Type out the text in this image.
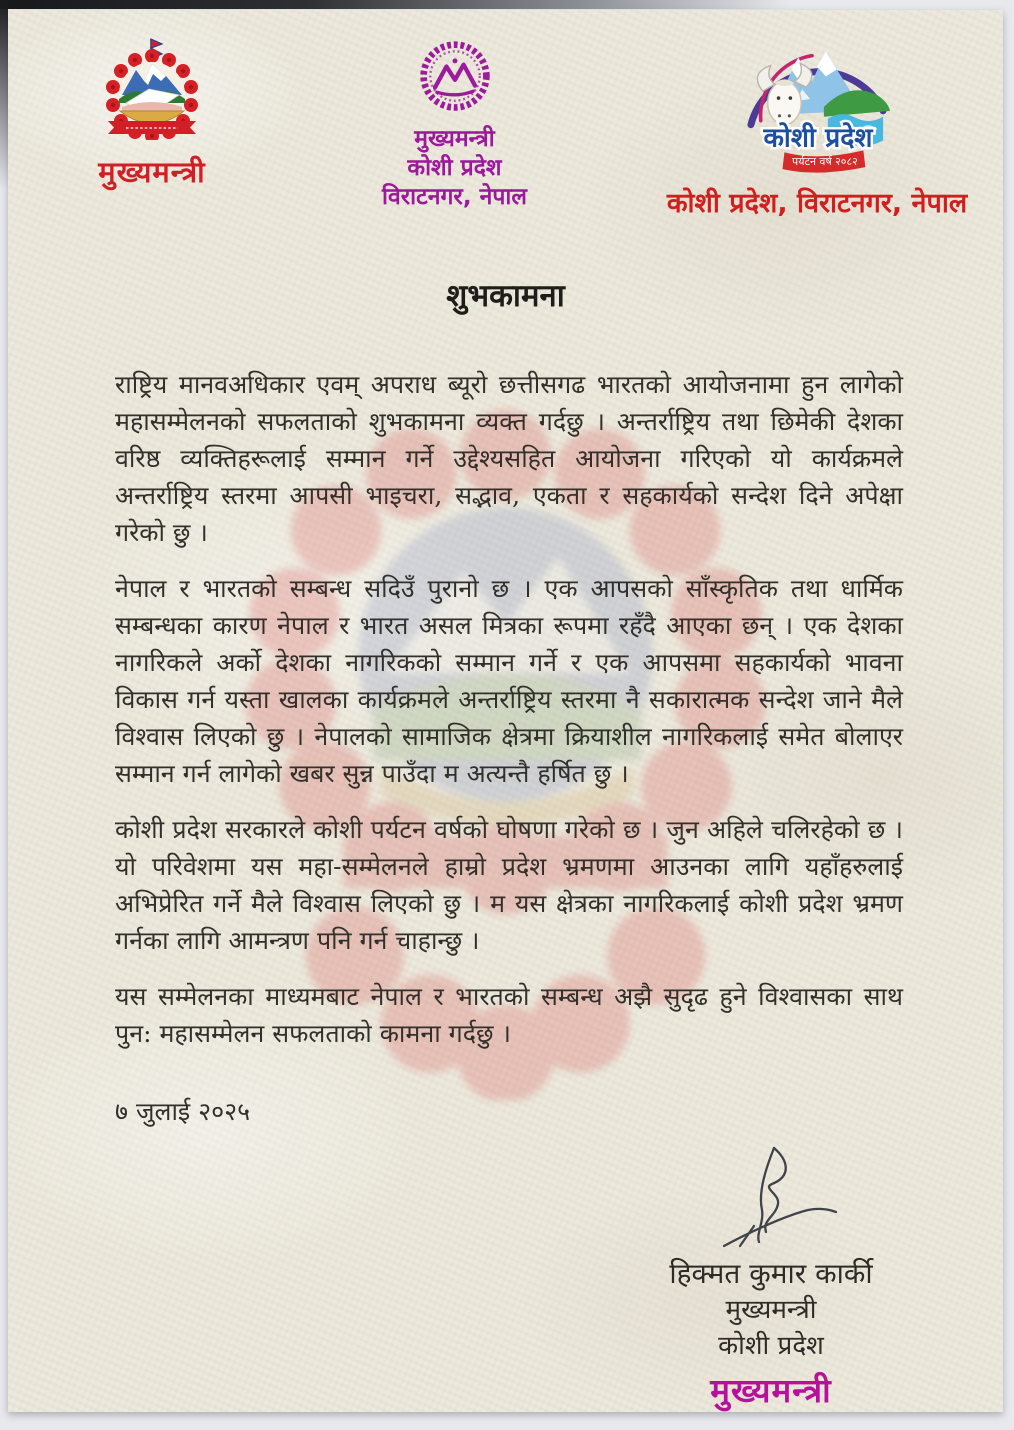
मुख्यमन्त्री
मुख्यमन्त्री
कोशी प्रदेश
विराटनगर, नेपाल
कोशी प्रदेश
पर्यटन वर्ष २०८२
कोशी प्रदेश, विराटनगर, नेपाल
शुभकामना

राष्ट्रिय मानवअधिकार एवम् अपराध ब्यूरो छत्तीसगढ भारतको आयोजनामा हुन लागेको महासम्मेलनको सफलताको शुभकामना व्यक्त गर्दछु । अन्तर्राष्ट्रिय तथा छिमेकी देशका वरिष्ठ व्यक्तिहरूलाई सम्मान गर्ने उद्देश्यसहित आयोजना गरिएको यो कार्यक्रमले अन्तर्राष्ट्रिय स्तरमा आपसी भाइचरा, सद्भाव, एकता र सहकार्यको सन्देश दिने अपेक्षा गरेको छु ।

नेपाल र भारतको सम्बन्ध सदिउँ पुरानो छ । एक आपसको साँस्कृतिक तथा धार्मिक सम्बन्धका कारण नेपाल र भारत असल मित्रका रूपमा रहँदै आएका छन् । एक देशका नागरिकले अर्को देशका नागरिकको सम्मान गर्ने र एक आपसमा सहकार्यको भावना विकास गर्न यस्ता खालका कार्यक्रमले अन्तर्राष्ट्रिय स्तरमा नै सकारात्मक सन्देश जाने मैले विश्वास लिएको छु । नेपालको सामाजिक क्षेत्रमा क्रियाशील नागरिकलाई समेत बोलाएर सम्मान गर्न लागेको खबर सुन्न पाउँदा म अत्यन्तै हर्षित छु ।

कोशी प्रदेश सरकारले कोशी पर्यटन वर्षको घोषणा गरेको छ । जुन अहिले चलिरहेको छ । यो परिवेशमा यस महा-सम्मेलनले हाम्रो प्रदेश भ्रमणमा आउनका लागि यहाँहरुलाई अभिप्रेरित गर्ने मैले विश्वास लिएको छु । म यस क्षेत्रका नागरिकलाई कोशी प्रदेश भ्रमण गर्नका लागि आमन्त्रण पनि गर्न चाहान्छु ।

यस सम्मेलनका माध्यमबाट नेपाल र भारतको सम्बन्ध अझै सुदृढ हुने विश्वासका साथ पुन: महासम्मेलन सफलताको कामना गर्दछु ।

७ जुलाई २०२५
हिक्मत कुमार कार्की
मुख्यमन्त्री
कोशी प्रदेश
मुख्यमन्त्री
